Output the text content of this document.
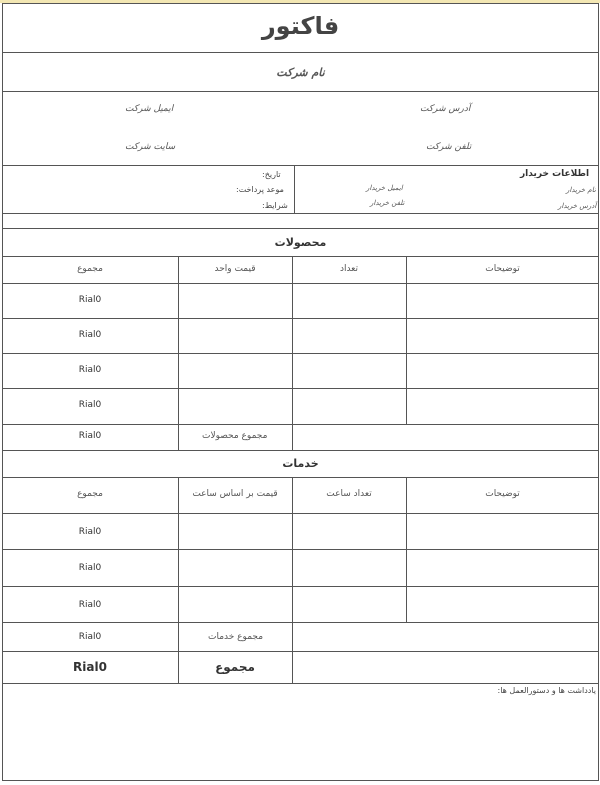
فاکتور
نام شرکت
آدرس شرکت
ایمیل شرکت
تلفن شرکت
سایت شرکت
اطلاعات خریدار
نام خریدار
آدرس خریدار
ایمیل خریدار
تلفن خریدار
تاریخ:
موعد پرداخت:
شرایط:
محصولات
توضیحات
تعداد
قیمت واحد
مجموع
Rial0
Rial0
Rial0
Rial0
مجموع محصولات
Rial0
خدمات
توضیحات
تعداد ساعت
قیمت بر اساس ساعت
مجموع
Rial0
Rial0
Rial0
مجموع خدمات
Rial0
مجموع
Rial0
یادداشت ها و دستورالعمل ها:
